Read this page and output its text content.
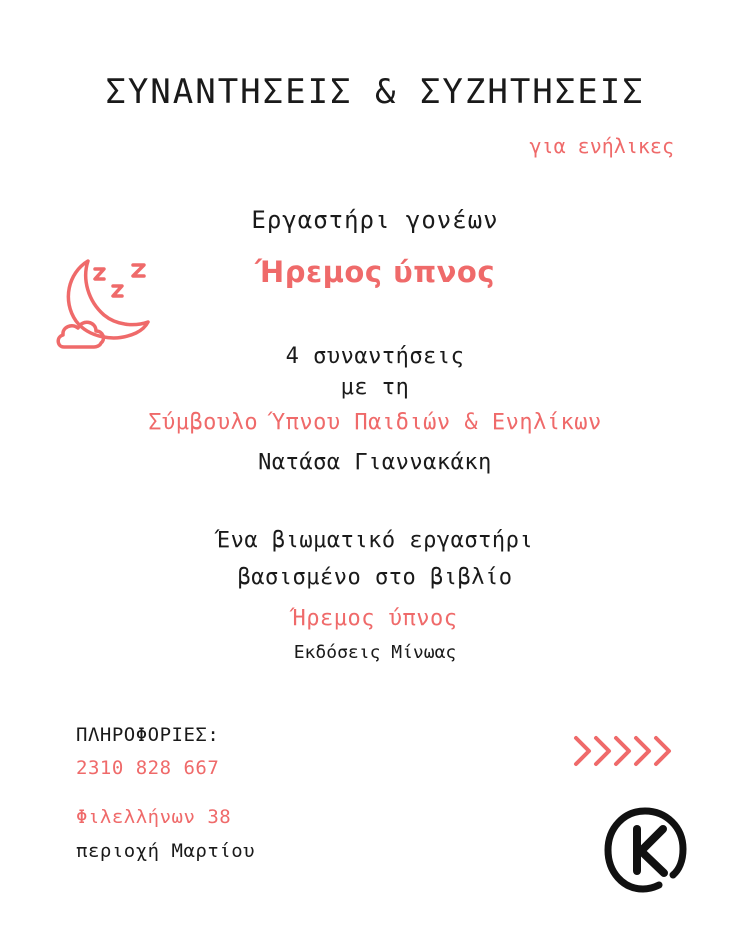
ΣΥΝΑΝΤΗΣΕΙΣ & ΣΥΖΗΤΗΣΕΙΣ
για ενήλικες
Εργαστήρι γονέων
Ήρεμος ύπνος
4 συναντήσεις
με τη
Σύμβουλο Ύπνου Παιδιών & Ενηλίκων
Νατάσα Γιαννακάκη
Ένα βιωματικό εργαστήρι
βασισμένο στο βιβλίο
Ήρεμος ύπνος
Εκδόσεις Μίνωας
ΠΛΗΡΟΦΟΡΙΕΣ:
2310 828 667
Φιλελλήνων 38
περιοχή Μαρτίου
